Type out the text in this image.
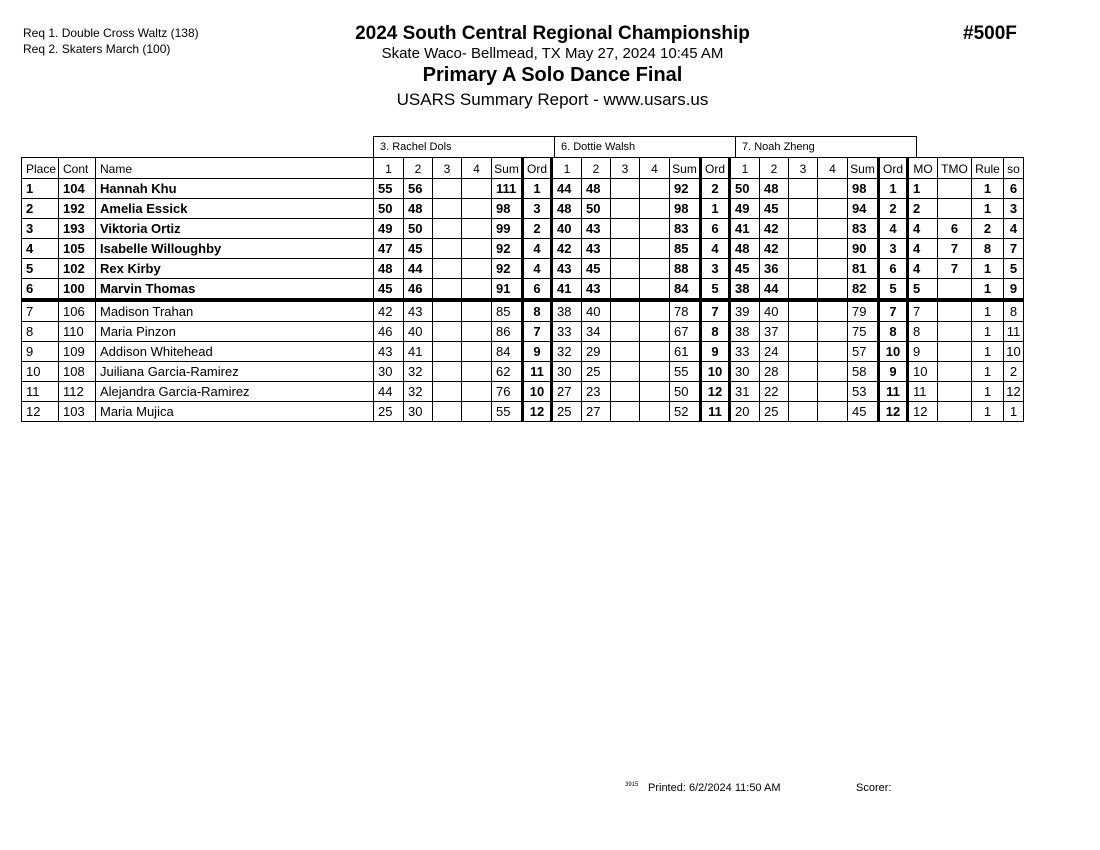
Req 1. Double Cross Waltz (138)
Req 2. Skaters March (100)
2024 South Central Regional Championship
Skate Waco- Bellmead, TX May 27, 2024 10:45 AM
Primary A Solo Dance Final
USARS Summary Report - www.usars.us
#500F
3. Rachel Dols	6. Dottie Walsh	7. Noah Zheng
Place	Cont	Name	1	2	3	4	Sum	Ord	1	2	3	4	Sum	Ord	1	2	3	4	Sum	Ord	MO	TMO	Rule	so
1	104	Hannah Khu	55	56			111	1	44	48			92	2	50	48			98	1	1		1	6
2	192	Amelia Essick	50	48			98	3	48	50			98	1	49	45			94	2	2		1	3
3	193	Viktoria Ortiz	49	50			99	2	40	43			83	6	41	42			83	4	4	6	2	4
4	105	Isabelle Willoughby	47	45			92	4	42	43			85	4	48	42			90	3	4	7	8	7
5	102	Rex Kirby	48	44			92	4	43	45			88	3	45	36			81	6	4	7	1	5
6	100	Marvin Thomas	45	46			91	6	41	43			84	5	38	44			82	5	5		1	9
7	106	Madison Trahan	42	43			85	8	38	40			78	7	39	40			79	7	7		1	8
8	110	Maria Pinzon	46	40			86	7	33	34			67	8	38	37			75	8	8		1	11
9	109	Addison Whitehead	43	41			84	9	32	29			61	9	33	24			57	10	9		1	10
10	108	Juiliana Garcia-Ramirez	30	32			62	11	30	25			55	10	30	28			58	9	10		1	2
11	112	Alejandra Garcia-Ramirez	44	32			76	10	27	23			50	12	31	22			53	11	11		1	12
12	103	Maria Mujica	25	30			55	12	25	27			52	11	20	25			45	12	12		1	1
3915 Printed: 6/2/2024 11:50 AM	Scorer:
